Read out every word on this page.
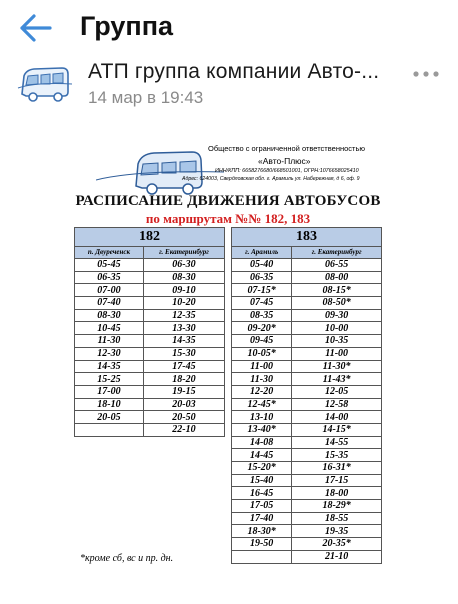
Группа
АТП группа компании Авто-...
14 мар в 19:43
Общество с ограниченной ответственностью
«Авто-Плюс»
ИНН/КПП: 6658276680/668501001, ОГРН:1076658025410
Адрес: 624003, Свердловская обл. г. Арамиль ул. Набережная, д 6, оф. 9
РАСПИСАНИЕ ДВИЖЕНИЯ АВТОБУСОВ
по маршрутам №№ 182, 183
182	
п. Двуреченск	г. Екатеринбург
05-45	06-30
06-35	08-30
07-00	09-10
07-40	10-20
08-30	12-35
10-45	13-30
11-30	14-35
12-30	15-30
14-35	17-45
15-25	18-20
17-00	19-15
18-10	20-03
20-05	20-50
	22-10
183	
г. Арамиль	г. Екатеринбург
05-40	06-55
06-35	08-00
07-15*	08-15*
07-45	08-50*
08-35	09-30
09-20*	10-00
09-45	10-35
10-05*	11-00
11-00	11-30*
11-30	11-43*
12-20	12-05
12-45*	12-58
13-10	14-00
13-40*	14-15*
14-08	14-55
14-45	15-35
15-20*	16-31*
15-40	17-15
16-45	18-00
17-05	18-29*
17-40	18-55
18-30*	19-35
19-50	20-35*
	21-10
*кроме сб, вс и пр. дн.
